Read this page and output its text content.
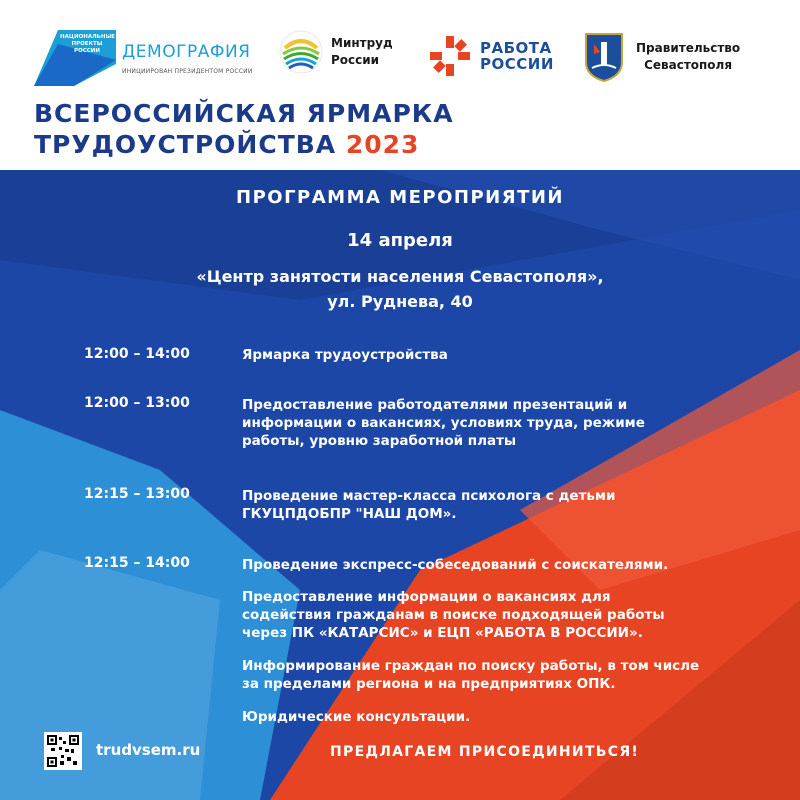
НАЦИОНАЛЬНЫЕ ПРОЕКТЫ РОССИИ	ДЕМОГРАФИЯ
ИНИЦИИРОВАН ПРЕЗИДЕНТОМ РОССИИ
Минтруд
России
РАБОТА
РОССИИ
Правительство
Севастополя
ВСЕРОССИЙСКАЯ ЯРМАРКА
ТРУДОУСТРОЙСТВА 2023
ПРОГРАММА МЕРОПРИЯТИЙ
14 апреля
«Центр занятости населения Севастополя»,
ул. Руднева, 40
12:00 – 14:00	Ярмарка трудоустройства

12:00 – 13:00	Предоставление работодателями презентаций и

информации о вакансиях, условиях труда, режиме

работы, уровню заработной платы

12:15 – 13:00	Проведение мастер-класса психолога с детьми

ГКУЦПДОБПР "НАШ ДОМ».

12:15 – 14:00	Проведение экспресс-собеседований с соискателями.

Предоставление информации о вакансиях для

содействия гражданам в поиске подходящей работы

через ПК «КАТАРСИС» и ЕЦП «РАБОТА В РОССИИ».

Информирование граждан по поиску работы, в том числе

за пределами региона и на предприятиях ОПК.

Юридические консультации.

trudvsem.ru	ПРЕДЛАГАЕМ ПРИСОЕДИНИТЬСЯ!
